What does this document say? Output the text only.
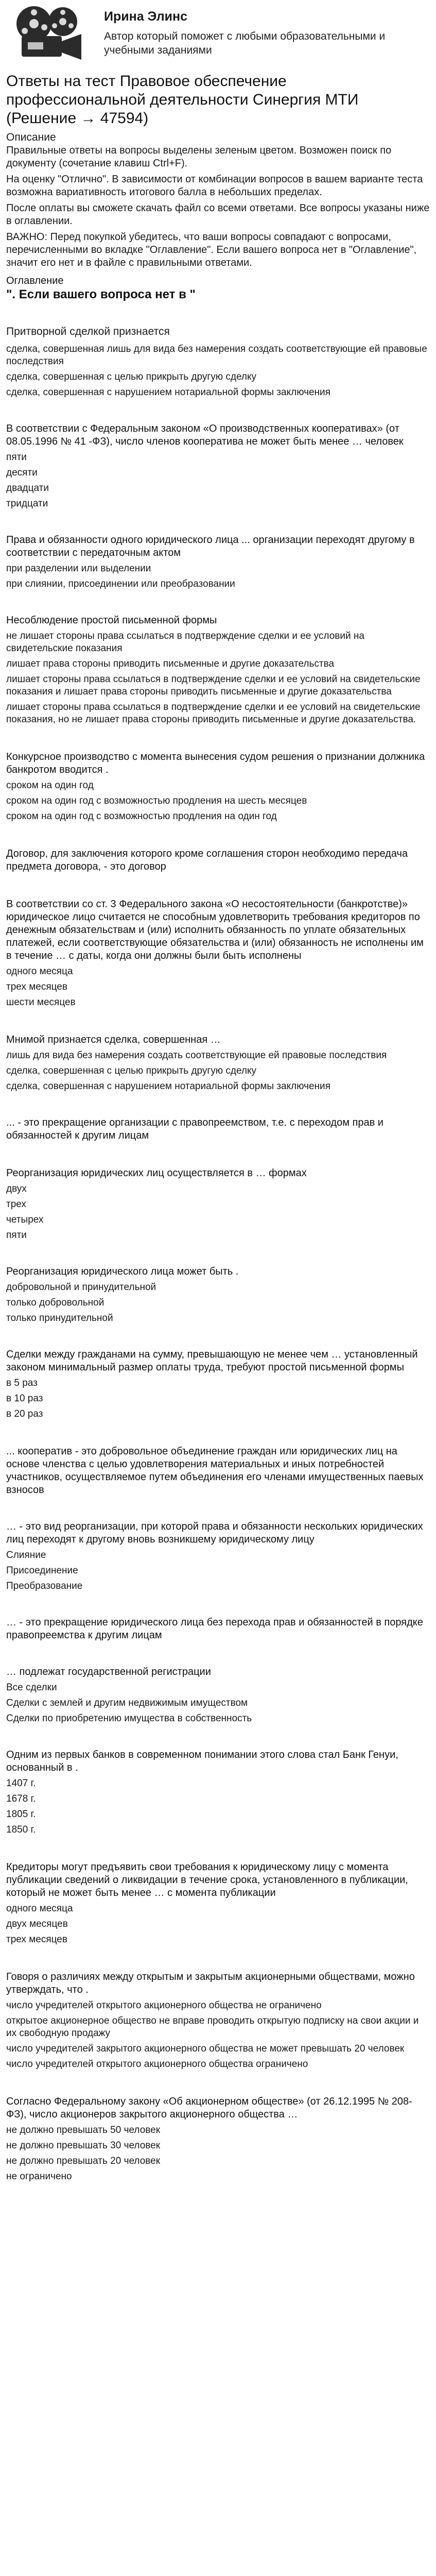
Ирина Элинс
Автор который поможет с любыми образовательными и учебными заданиями
Ответы на тест Правовое обеспечение профессиональной деятельности Синергия МТИ (Решение → 47594)

Описание

Правильные ответы на вопросы выделены зеленым цветом. Возможен поиск по документу (сочетание клавиш Ctrl+F).

На оценку "Отлично". В зависимости от комбинации вопросов в вашем варианте теста возможна вариативность итогового балла в небольших пределах.

После оплаты вы сможете скачать файл со всеми ответами. Все вопросы указаны ниже в оглавлении.

ВАЖНО: Перед покупкой убедитесь, что ваши вопросы совпадают с вопросами, перечисленными во вкладке "Оглавление". Если вашего вопроса нет в "Оглавление", значит его нет и в файле с правильными ответами.

Оглавление

". Если вашего вопроса нет в "

Притворной сделкой признается

сделка, совершенная лишь для вида без намерения создать соответствующие ей правовые последствия

сделка, совершенная с целью прикрыть другую сделку

сделка, совершенная с нарушением нотариальной формы заключения

В соответствии с Федеральным законом «О производственных кооперативах» (от 08.05.1996 № 41 -ФЗ), число членов кооператива не может быть менее … человек

пяти

десяти

двадцати

тридцати

Права и обязанности одного юридического лица ... организации переходят другому в соответствии с передаточным актом

при разделении или выделении

при слиянии, присоединении или преобразовании

Несоблюдение простой письменной формы

не лишает стороны права ссылаться в подтверждение сделки и ее условий на свидетельские показания

лишает права стороны приводить письменные и другие доказательства

лишает стороны права ссылаться в подтверждение сделки и ее условий на свидетельские показания и лишает права стороны приводить письменные и другие доказательства

лишает стороны права ссылаться в подтверждение сделки и ее условий на свидетельские показания, но не лишает права стороны приводить письменные и другие доказательства.

Конкурсное производство с момента вынесения судом решения о признании должника банкротом вводится .

сроком на один год

сроком на один год с возможностью продления на шесть месяцев

сроком на один год с возможностью продления на один год

Договор, для заключения которого кроме соглашения сторон необходимо передача предмета договора, - это договор

В соответствии со ст. 3 Федерального закона «О несостоятельности (банкротстве)» юридическое лицо считается не способным удовлетворить требования кредиторов по денежным обязательствам и (или) исполнить обязанность по уплате обязательных платежей, если соответствующие обязательства и (или) обязанность не исполнены им в течение … с даты, когда они должны были быть исполнены

одного месяца

трех месяцев

шести месяцев

Мнимой признается сделка, совершенная …

лишь для вида без намерения создать соответствующие ей правовые последствия

сделка, совершенная с целью прикрыть другую сделку

сделка, совершенная с нарушением нотариальной формы заключения

... - это прекращение организации с правопреемством, т.е. с переходом прав и обязанностей к другим лицам

Реорганизация юридических лиц осуществляется в … формах

двух

трех

четырех

пяти

Реорганизация юридического лица может быть .

добровольной и принудительной

только добровольной

только принудительной

Сделки между гражданами на сумму, превышающую не менее чем … установленный законом минимальный размер оплаты труда, требуют простой письменной формы

в 5 раз

в 10 раз

в 20 раз

... кооператив - это добровольное объединение граждан или юридических лиц на основе членства с целью удовлетворения материальных и иных потребностей участников, осуществляемое путем объединения его членами имущественных паевых взносов

… - это вид реорганизации, при которой права и обязанности нескольких юридических лиц переходят к другому вновь возникшему юридическому лицу

Слияние

Присоединение

Преобразование

… - это прекращение юридического лица без перехода прав и обязанностей в порядке правопреемства к другим лицам

… подлежат государственной регистрации

Все сделки

Сделки с землей и другим недвижимым имуществом

Сделки по приобретению имущества в собственность

Одним из первых банков в современном понимании этого слова стал Банк Генуи, основанный в .

1407 г.

1678 г.

1805 г.

1850 г.

Кредиторы могут предъявить свои требования к юридическому лицу с момента публикации сведений о ликвидации в течение срока, установленного в публикации, который не может быть менее … с момента публикации

одного месяца

двух месяцев

трех месяцев

Говоря о различиях между открытым и закрытым акционерными обществами, можно утверждать, что .

число учредителей открытого акционерного общества не ограничено

открытое акционерное общество не вправе проводить открытую подписку на свои акции и их свободную продажу

число учредителей закрытого акционерного общества не может превышать 20 человек

число учредителей открытого акционерного общества ограничено

Согласно Федеральному закону «Об акционерном обществе» (от 26.12.1995 № 208-ФЗ), число акционеров закрытого акционерного общества …

не должно превышать 50 человек

не должно превышать 30 человек

не должно превышать 20 человек

не ограничено
